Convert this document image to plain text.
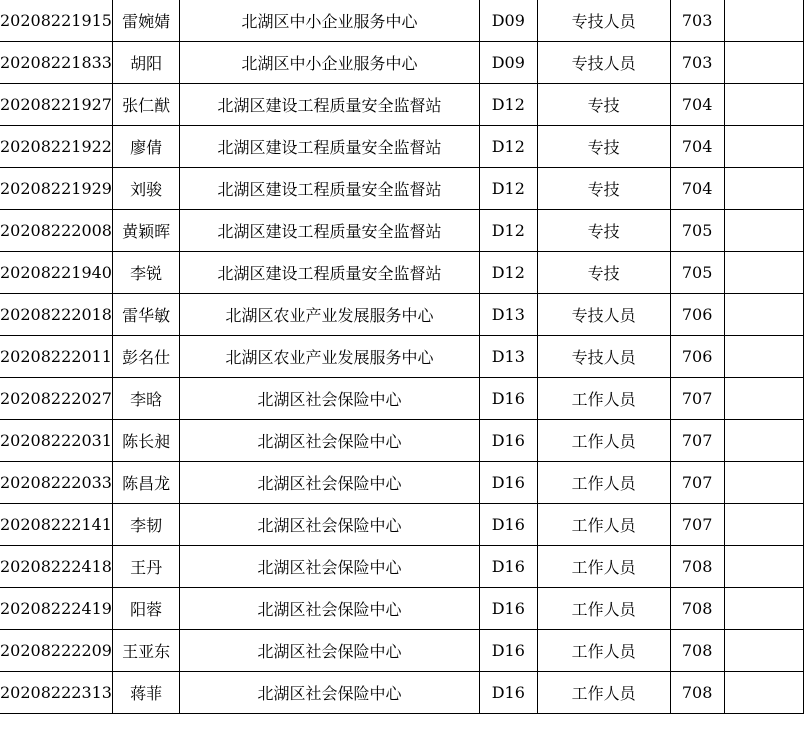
20208221915	雷婉婧	北湖区中小企业服务中心	D09	专技人员	703	
20208221833	胡阳	北湖区中小企业服务中心	D09	专技人员	703	
20208221927	张仁猷	北湖区建设工程质量安全监督站	D12	专技	704	
20208221922	廖倩	北湖区建设工程质量安全监督站	D12	专技	704	
20208221929	刘骏	北湖区建设工程质量安全监督站	D12	专技	704	
20208222008	黄颖晖	北湖区建设工程质量安全监督站	D12	专技	705	
20208221940	李锐	北湖区建设工程质量安全监督站	D12	专技	705	
20208222018	雷华敏	北湖区农业产业发展服务中心	D13	专技人员	706	
20208222011	彭名仕	北湖区农业产业发展服务中心	D13	专技人员	706	
20208222027	李晗	北湖区社会保险中心	D16	工作人员	707	
20208222031	陈长昶	北湖区社会保险中心	D16	工作人员	707	
20208222033	陈昌龙	北湖区社会保险中心	D16	工作人员	707	
20208222141	李韧	北湖区社会保险中心	D16	工作人员	707	
20208222418	王丹	北湖区社会保险中心	D16	工作人员	708	
20208222419	阳蓉	北湖区社会保险中心	D16	工作人员	708	
20208222209	王亚东	北湖区社会保险中心	D16	工作人员	708	
20208222313	蒋菲	北湖区社会保险中心	D16	工作人员	708	
